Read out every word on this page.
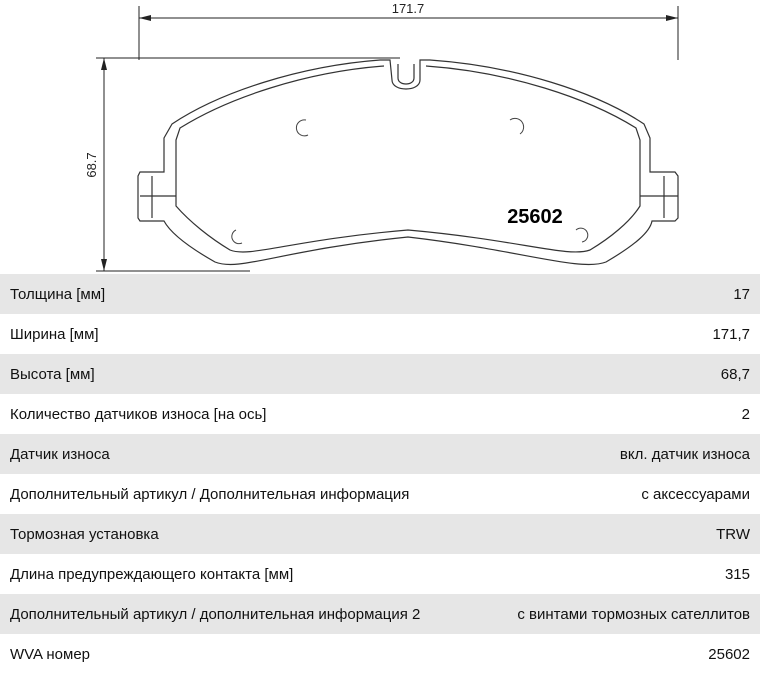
171.7
68.7
25602
Толщина [мм]	17
Ширина [мм]	171,7
Высота [мм]	68,7
Количество датчиков износа [на ось]	2
Датчик износа	вкл. датчик износа
Дополнительный артикул / Дополнительная информация	с аксессуарами
Тормозная установка	TRW
Длина предупреждающего контакта [мм]	315
Дополнительный артикул / дополнительная информация 2	с винтами тормозных сателлитов
WVA номер	25602
